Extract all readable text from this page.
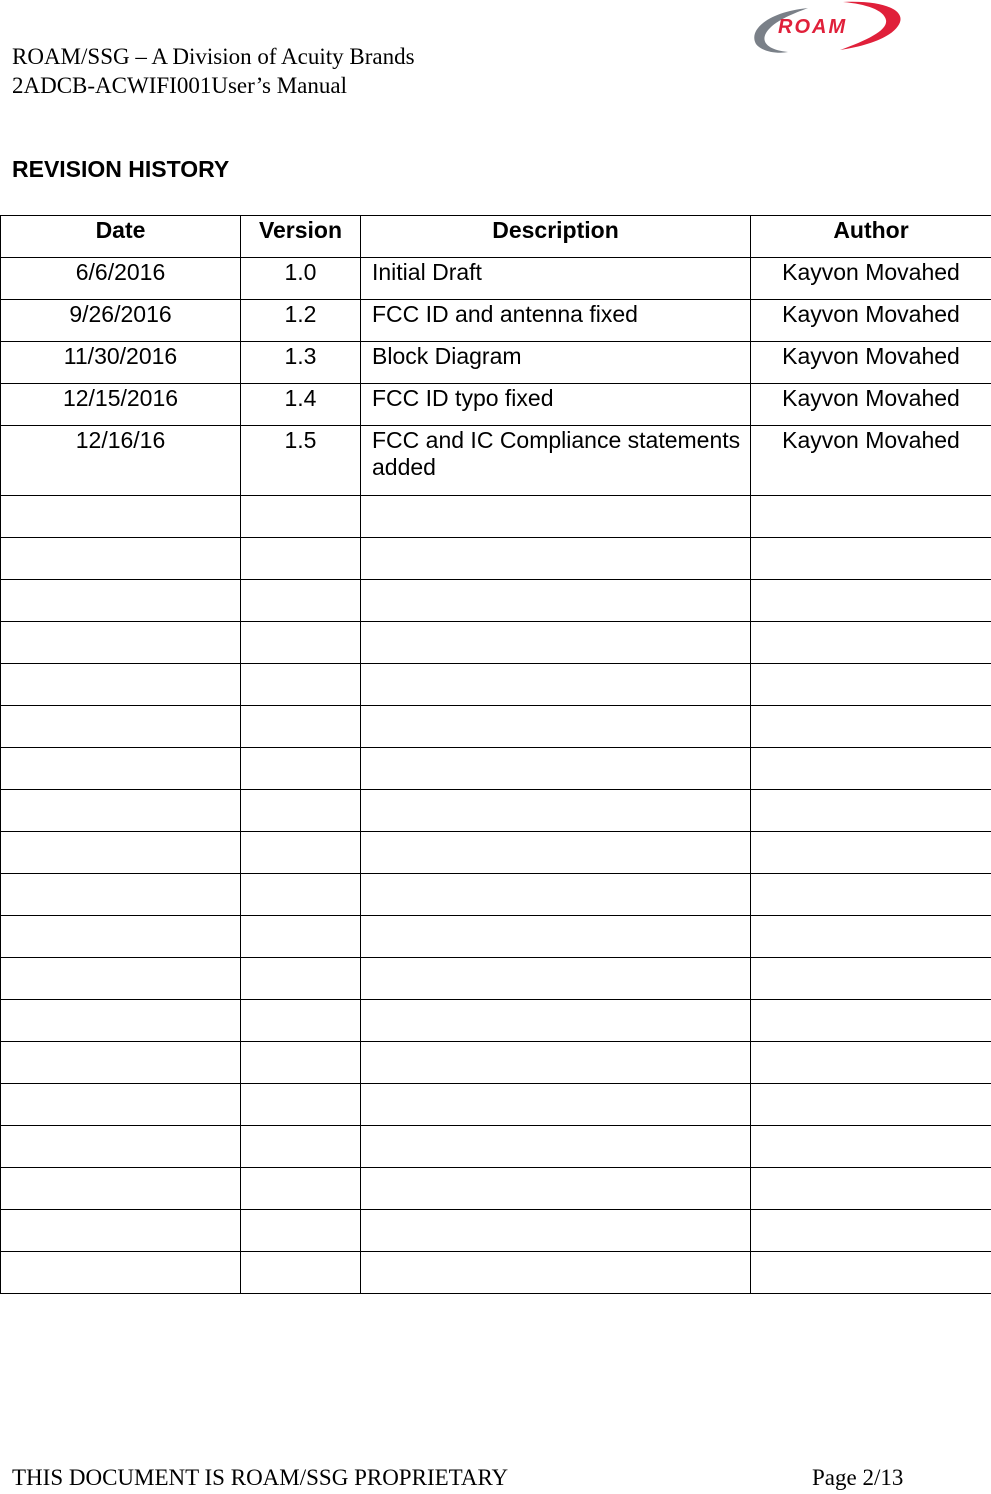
ROAM/SSG – A Division of Acuity Brands
2ADCB-ACWIFI001User’s Manual
ROAM
REVISION HISTORY
Date	Version	Description	Author
6/6/2016	1.0	Initial Draft	Kayvon Movahed
9/26/2016	1.2	FCC ID and antenna fixed	Kayvon Movahed
11/30/2016	1.3	Block Diagram	Kayvon Movahed
12/15/2016	1.4	FCC ID typo fixed	Kayvon Movahed
12/16/16	1.5	FCC and IC Compliance statements added	Kayvon Movahed

THIS DOCUMENT IS ROAM/SSG PROPRIETARY	Page 2/13
